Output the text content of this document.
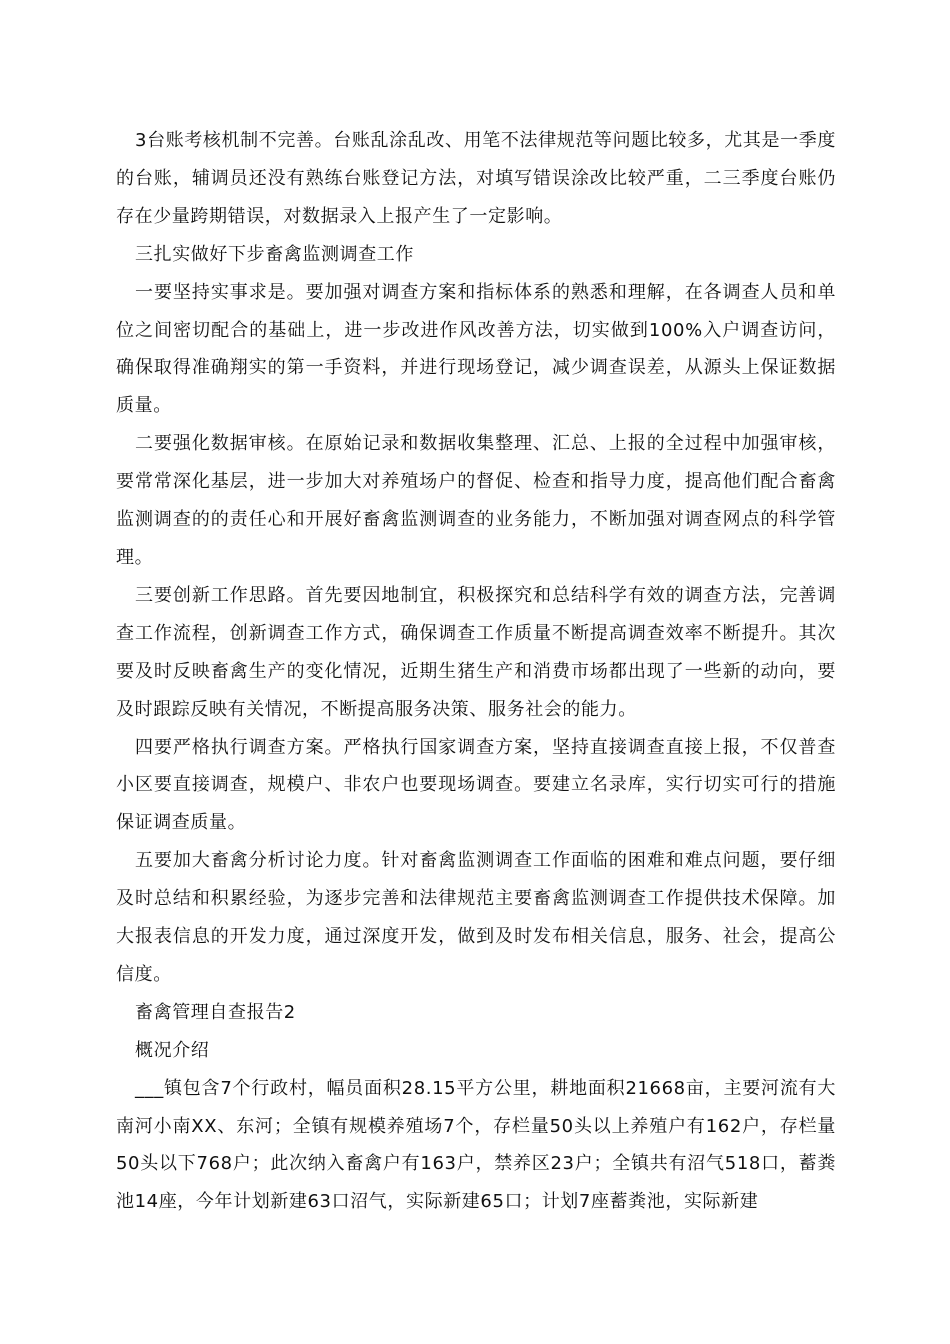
3台账考核机制不完善。台账乱涂乱改、用笔不法律规范等问题比较多，尤其是一季度的台账，辅调员还没有熟练台账登记方法，对填写错误涂改比较严重，二三季度台账仍存在少量跨期错误，对数据录入上报产生了一定影响。

三扎实做好下步畜禽监测调查工作

一要坚持实事求是。要加强对调查方案和指标体系的熟悉和理解，在各调查人员和单位之间密切配合的基础上，进一步改进作风改善方法，切实做到100%入户调查访问，确保取得准确翔实的第一手资料，并进行现场登记，减少调查误差，从源头上保证数据质量。

二要强化数据审核。在原始记录和数据收集整理、汇总、上报的全过程中加强审核，要常常深化基层，进一步加大对养殖场户的督促、检查和指导力度，提高他们配合畜禽监测调查的的责任心和开展好畜禽监测调查的业务能力，不断加强对调查网点的科学管理。

三要创新工作思路。首先要因地制宜，积极探究和总结科学有效的调查方法，完善调查工作流程，创新调查工作方式，确保调查工作质量不断提高调查效率不断提升。其次要及时反映畜禽生产的变化情况，近期生猪生产和消费市场都出现了一些新的动向，要及时跟踪反映有关情况，不断提高服务决策、服务社会的能力。

四要严格执行调查方案。严格执行国家调查方案，坚持直接调查直接上报，不仅普查小区要直接调查，规模户、非农户也要现场调查。要建立名录库，实行切实可行的措施保证调查质量。

五要加大畜禽分析讨论力度。针对畜禽监测调查工作面临的困难和难点问题，要仔细及时总结和积累经验，为逐步完善和法律规范主要畜禽监测调查工作提供技术保障。加大报表信息的开发力度，通过深度开发，做到及时发布相关信息，服务、社会，提高公信度。

畜禽管理自查报告2

概况介绍

___镇包含7个行政村，幅员面积28.15平方公里，耕地面积21668亩，主要河流有大南河小南XX、东河；全镇有规模养殖场7个，存栏量50头以上养殖户有162户，存栏量50头以下768户；此次纳入畜禽户有163户，禁养区23户；全镇共有沼气518口，蓄粪池14座，今年计划新建63口沼气，实际新建65口；计划7座蓄粪池，实际新建
